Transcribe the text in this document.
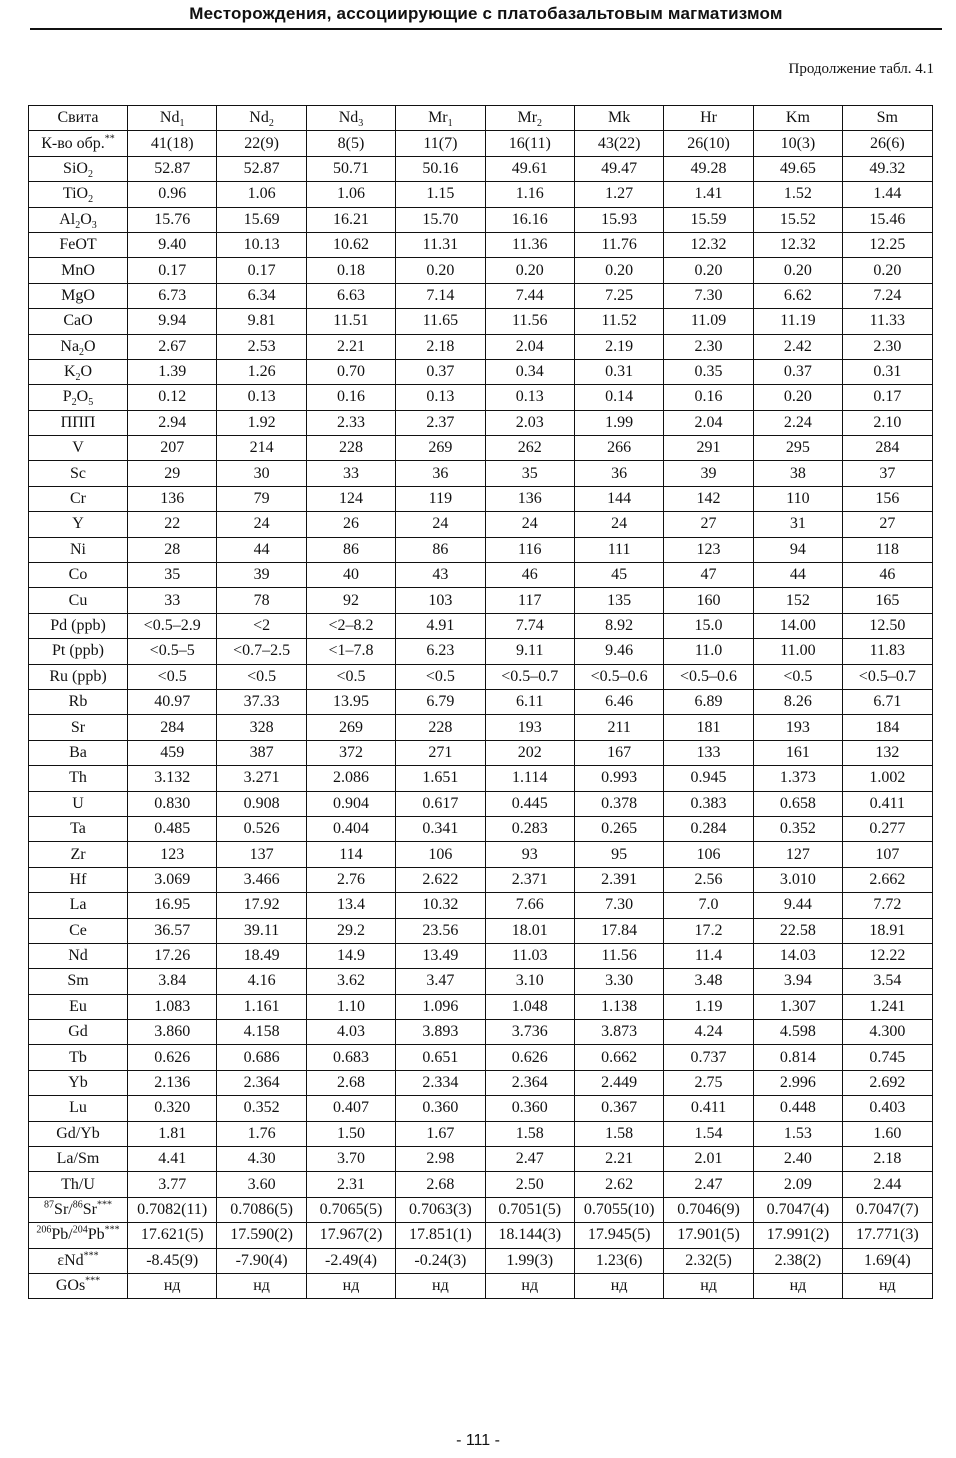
Месторождения, ассоциирующие с платобазальтовым магматизмом
Продолжение табл. 4.1
Свита	$Nd_1$	$Nd_2$	$Nd_3$	$Mr_1$	$Mr_2$	Mk	Hr	Km	Sm
К-во обр.**	41(18)	22(9)	8(5)	11(7)	16(11)	43(22)	26(10)	10(3)	26(6)
SiO$_2$	52.87	52.87	50.71	50.16	49.61	49.47	49.28	49.65	49.32
TiO$_2$	0.96	1.06	1.06	1.15	1.16	1.27	1.41	1.52	1.44
$Al_2O_3$	15.76	15.69	16.21	15.70	16.16	15.93	15.59	15.52	15.46
FeOT	9.40	10.13	10.62	11.31	11.36	11.76	12.32	12.32	12.25
MnO	0.17	0.17	0.18	0.20	0.20	0.20	0.20	0.20	0.20
MgO	6.73	6.34	6.63	7.14	7.44	7.25	7.30	6.62	7.24
CaO	9.94	9.81	11.51	11.65	11.56	11.52	11.09	11.19	11.33
$Na_2O$	2.67	2.53	2.21	2.18	2.04	2.19	2.30	2.42	2.30
$K_2O$	1.39	1.26	0.70	0.37	0.34	0.31	0.35	0.37	0.31
$P_2O_5$	0.12	0.13	0.16	0.13	0.13	0.14	0.16	0.20	0.17
ППП	2.94	1.92	2.33	2.37	2.03	1.99	2.04	2.24	2.10
V	207	214	228	269	262	266	291	295	284
Sc	29	30	33	36	35	36	39	38	37
Cr	136	79	124	119	136	144	142	110	156
Y	22	24	26	24	24	24	27	31	27
Ni	28	44	86	86	116	111	123	94	118
Co	35	39	40	43	46	45	47	44	46
Cu	33	78	92	103	117	135	160	152	165
Pd (ppb)	<0.5–2.9	<2	<2–8.2	4.91	7.74	8.92	15.0	14.00	12.50
Pt (ppb)	<0.5–5	<0.7–2.5	<1–7.8	6.23	9.11	9.46	11.0	11.00	11.83
Ru (ppb)	<0.5	<0.5	<0.5	<0.5	<0.5–0.7	<0.5–0.6	<0.5–0.6	<0.5	<0.5–0.7
Rb	40.97	37.33	13.95	6.79	6.11	6.46	6.89	8.26	6.71
Sr	284	328	269	228	193	211	181	193	184
Ba	459	387	372	271	202	167	133	161	132
Th	3.132	3.271	2.086	1.651	1.114	0.993	0.945	1.373	1.002
U	0.830	0.908	0.904	0.617	0.445	0.378	0.383	0.658	0.411
Ta	0.485	0.526	0.404	0.341	0.283	0.265	0.284	0.352	0.277
Zr	123	137	114	106	93	95	106	127	107
Hf	3.069	3.466	2.76	2.622	2.371	2.391	2.56	3.010	2.662
La	16.95	17.92	13.4	10.32	7.66	7.30	7.0	9.44	7.72
Ce	36.57	39.11	29.2	23.56	18.01	17.84	17.2	22.58	18.91
Nd	17.26	18.49	14.9	13.49	11.03	11.56	11.4	14.03	12.22
Sm	3.84	4.16	3.62	3.47	3.10	3.30	3.48	3.94	3.54
Eu	1.083	1.161	1.10	1.096	1.048	1.138	1.19	1.307	1.241
Gd	3.860	4.158	4.03	3.893	3.736	3.873	4.24	4.598	4.300
Tb	0.626	0.686	0.683	0.651	0.626	0.662	0.737	0.814	0.745
Yb	2.136	2.364	2.68	2.334	2.364	2.449	2.75	2.996	2.692
Lu	0.320	0.352	0.407	0.360	0.360	0.367	0.411	0.448	0.403
Gd/Yb	1.81	1.76	1.50	1.67	1.58	1.58	1.54	1.53	1.60
La/Sm	4.41	4.30	3.70	2.98	2.47	2.21	2.01	2.40	2.18
Th/U	3.77	3.60	2.31	2.68	2.50	2.62	2.47	2.09	2.44
$^{87}$Sr/$^{86}$Sr***	0.7082(11)	0.7086(5)	0.7065(5)	0.7063(3)	0.7051(5)	0.7055(10)	0.7046(9)	0.7047(4)	0.7047(7)
$^{206}$Pb/$^{204}$Pb***	17.621(5)	17.590(2)	17.967(2)	17.851(1)	18.144(3)	17.945(5)	17.901(5)	17.991(2)	17.771(3)
εNd***	-8.45(9)	-7.90(4)	-2.49(4)	-0.24(3)	1.99(3)	1.23(6)	2.32(5)	2.38(2)	1.69(4)
GOs***	нд	нд	нд	нд	нд	нд	нд	нд	нд
- 111 -
